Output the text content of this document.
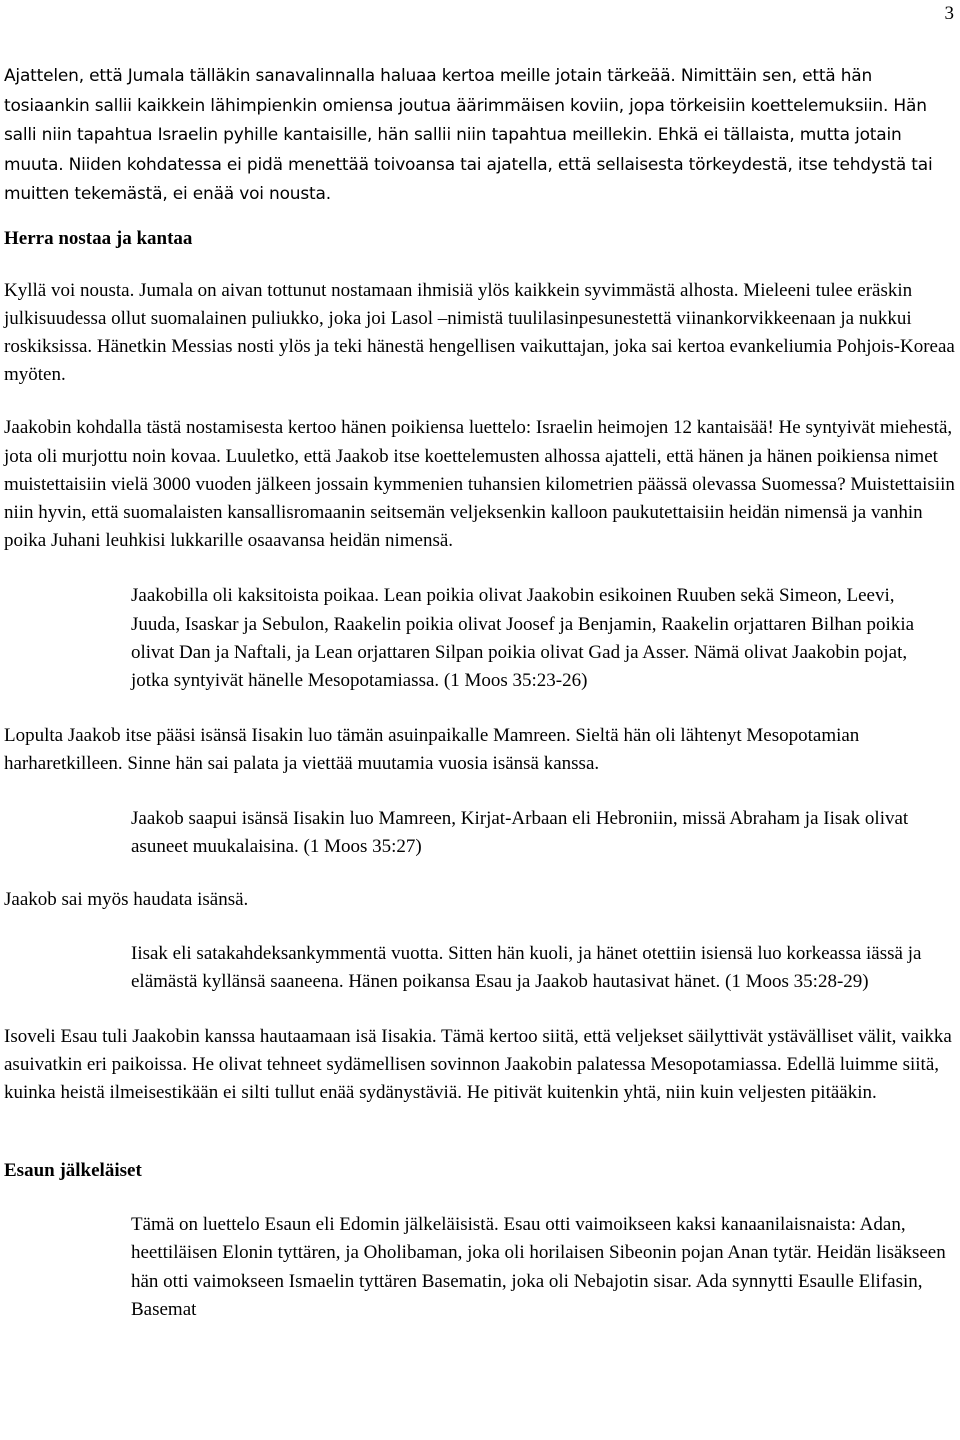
3

Ajattelen, että Jumala tälläkin sanavalinnalla haluaa kertoa meille jotain tärkeää. Nimittäin sen, että hän tosiaankin sallii kaikkein lähimpienkin omiensa joutua äärimmäisen koviin, jopa törkeisiin koettelemuksiin. Hän salli niin tapahtua Israelin pyhille kantaisille, hän sallii niin tapahtua meillekin. Ehkä ei tällaista, mutta jotain muuta. Niiden kohdatessa ei pidä menettää toivoansa tai ajatella, että sellaisesta törkeydestä, itse tehdystä tai muitten tekemästä, ei enää voi nousta.

Herra nostaa ja kantaa

Kyllä voi nousta. Jumala on aivan tottunut nostamaan ihmisiä ylös kaikkein syvimmästä alhosta. Mieleeni tulee eräskin julkisuudessa ollut suomalainen puliukko, joka joi Lasol –nimistä tuulilasinpesunestettä viinankorvikkeenaan ja nukkui roskiksissa. Hänetkin Messias nosti ylös ja teki hänestä hengellisen vaikuttajan, joka sai kertoa evankeliumia Pohjois-Koreaa myöten.

Jaakobin kohdalla tästä nostamisesta kertoo hänen poikiensa luettelo: Israelin heimojen 12 kantaisää! He syntyivät miehestä, jota oli murjottu noin kovaa. Luuletko, että Jaakob itse koettelemusten alhossa ajatteli, että hänen ja hänen poikiensa nimet muistettaisiin vielä 3000 vuoden jälkeen jossain kymmenien tuhansien kilometrien päässä olevassa Suomessa? Muistettaisiin niin hyvin, että suomalaisten kansallisromaanin seitsemän veljeksenkin kalloon paukutettaisiin heidän nimensä ja vanhin poika Juhani leuhkisi lukkarille osaavansa heidän nimensä.

Jaakobilla oli kaksitoista poikaa. Lean poikia olivat Jaakobin esikoinen Ruuben sekä Simeon, Leevi, Juuda, Isaskar ja Sebulon, Raakelin poikia olivat Joosef ja Benjamin, Raakelin orjattaren Bilhan poikia olivat Dan ja Naftali, ja Lean orjattaren Silpan poikia olivat Gad ja Asser. Nämä olivat Jaakobin pojat, jotka syntyivät hänelle Mesopotamiassa. (1 Moos 35:23-26)

Lopulta Jaakob itse pääsi isänsä Iisakin luo tämän asuinpaikalle Mamreen. Sieltä hän oli lähtenyt Mesopotamian harharetkilleen. Sinne hän sai palata ja viettää muutamia vuosia isänsä kanssa.

Jaakob saapui isänsä Iisakin luo Mamreen, Kirjat-Arbaan eli Hebroniin, missä Abraham ja Iisak olivat asuneet muukalaisina. (1 Moos 35:27)

Jaakob sai myös haudata isänsä.

Iisak eli satakahdeksankymmentä vuotta. Sitten hän kuoli, ja hänet otettiin isiensä luo korkeassa iässä ja elämästä kyllänsä saaneena. Hänen poikansa Esau ja Jaakob hautasivat hänet. (1 Moos 35:28-29)

Isoveli Esau tuli Jaakobin kanssa hautaamaan isä Iisakia. Tämä kertoo siitä, että veljekset säilyttivät ystävälliset välit, vaikka asuivatkin eri paikoissa. He olivat tehneet sydämellisen sovinnon Jaakobin palatessa Mesopotamiassa. Edellä luimme siitä, kuinka heistä ilmeisestikään ei silti tullut enää sydänystäviä. He pitivät kuitenkin yhtä, niin kuin veljesten pitääkin.

Esaun jälkeläiset

Tämä on luettelo Esaun eli Edomin jälkeläisistä. Esau otti vaimoikseen kaksi kanaanilaisnaista: Adan, heettiläisen Elonin tyttären, ja Oholibaman, joka oli horilaisen Sibeonin pojan Anan tytär. Heidän lisäkseen hän otti vaimokseen Ismaelin tyttären Basematin, joka oli Nebajotin sisar. Ada synnytti Esaulle Elifasin, Basemat
